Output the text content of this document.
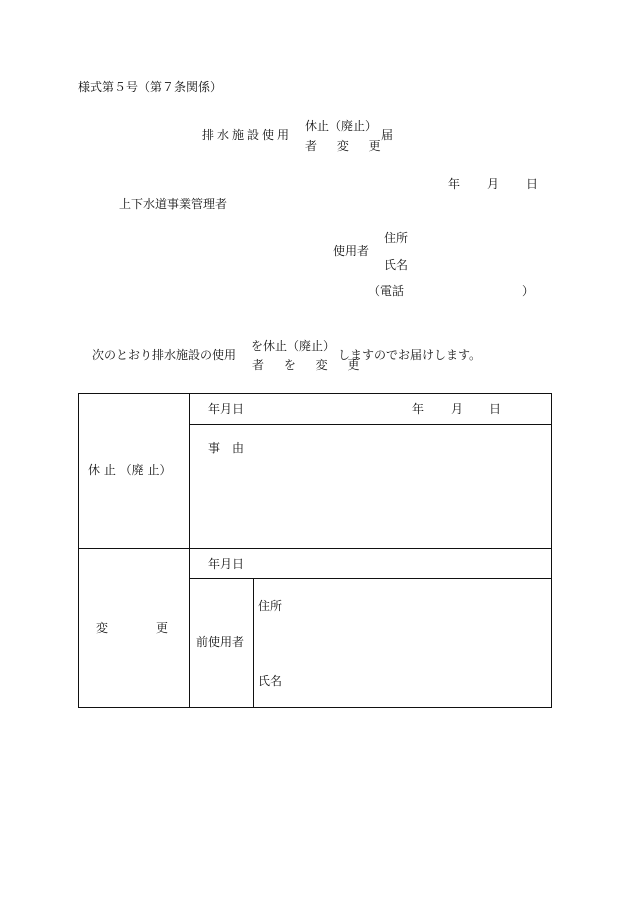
様式第５号（第７条関係）
排水施設使用
休止（廃止）
者 変 更
届
年 月 日
上下水道事業管理者
使用者
住所
氏名
（電話	）
次のとおり排水施設の使用
を休止（廃止）
者 を 変 更
しますのでお届けします。
休 止 （廃 止）
年月日	年 月 日
事　由
変　　　　更
年月日
前使用者
住所
氏名
